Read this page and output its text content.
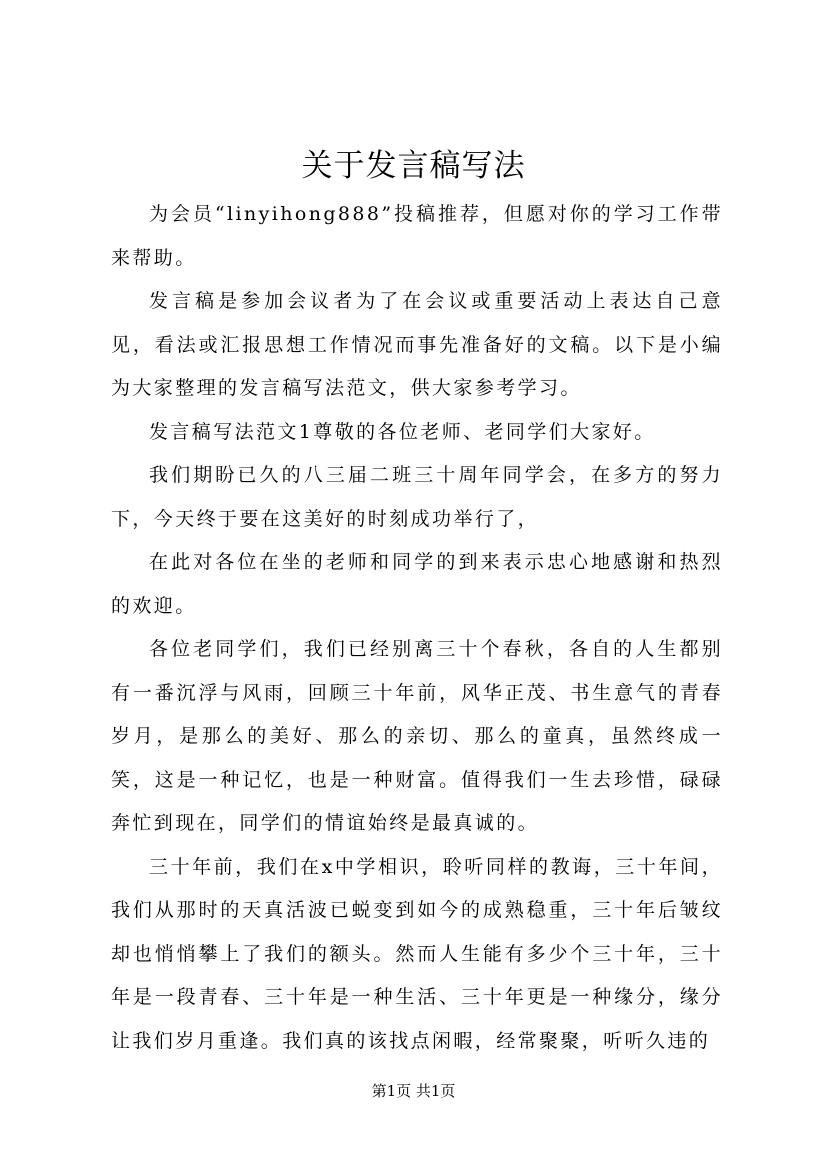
关于发言稿写法

为会员“linyihong888”投稿推荐，但愿对你的学习工作带来帮助。

发言稿是参加会议者为了在会议或重要活动上表达自己意见，看法或汇报思想工作情况而事先准备好的文稿。以下是小编为大家整理的发言稿写法范文，供大家参考学习。

发言稿写法范文1尊敬的各位老师、老同学们大家好。

我们期盼已久的八三届二班三十周年同学会，在多方的努力下，今天终于要在这美好的时刻成功举行了，

在此对各位在坐的老师和同学的到来表示忠心地感谢和热烈的欢迎。

各位老同学们，我们已经别离三十个春秋，各自的人生都别有一番沉浮与风雨，回顾三十年前，风华正茂、书生意气的青春岁月，是那么的美好、那么的亲切、那么的童真，虽然终成一笑，这是一种记忆，也是一种财富。值得我们一生去珍惜，碌碌奔忙到现在，同学们的情谊始终是最真诚的。

三十年前，我们在x中学相识，聆听同样的教诲，三十年间，我们从那时的天真活波已蜕变到如今的成熟稳重，三十年后皱纹却也悄悄攀上了我们的额头。然而人生能有多少个三十年，三十年是一段青春、三十年是一种生活、三十年更是一种缘分，缘分让我们岁月重逢。我们真的该找点闲暇，经常聚聚，听听久违的

第1页 共1页
